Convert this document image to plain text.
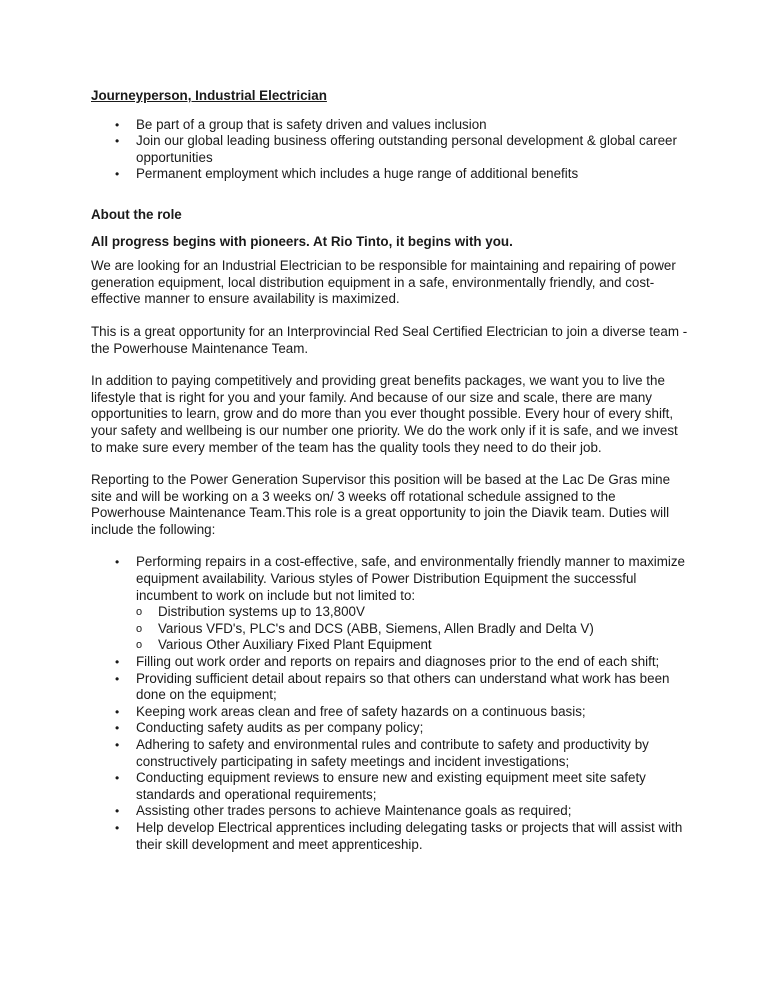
Journeyperson, Industrial Electrician
• Be part of a group that is safety driven and values inclusion
• Join our global leading business offering outstanding personal development & global career opportunities
• Permanent employment which includes a huge range of additional benefits
About the role
All progress begins with pioneers. At Rio Tinto, it begins with you.

We are looking for an Industrial Electrician to be responsible for maintaining and repairing of power generation equipment, local distribution equipment in a safe, environmentally friendly, and cost-effective manner to ensure availability is maximized.

This is a great opportunity for an Interprovincial Red Seal Certified Electrician to join a diverse team - the Powerhouse Maintenance Team.

In addition to paying competitively and providing great benefits packages, we want you to live the lifestyle that is right for you and your family. And because of our size and scale, there are many opportunities to learn, grow and do more than you ever thought possible. Every hour of every shift, your safety and wellbeing is our number one priority. We do the work only if it is safe, and we invest to make sure every member of the team has the quality tools they need to do their job.

Reporting to the Power Generation Supervisor this position will be based at the Lac De Gras mine site and will be working on a 3 weeks on/ 3 weeks off rotational schedule assigned to the Powerhouse Maintenance Team.This role is a great opportunity to join the Diavik team. Duties will include the following:

• Performing repairs in a cost-effective, safe, and environmentally friendly manner to maximize equipment availability. Various styles of Power Distribution Equipment the successful incumbent to work on include but not limited to:
o Distribution systems up to 13,800V
o Various VFD's, PLC's and DCS (ABB, Siemens, Allen Bradly and Delta V)
o Various Other Auxiliary Fixed Plant Equipment
• Filling out work order and reports on repairs and diagnoses prior to the end of each shift;
• Providing sufficient detail about repairs so that others can understand what work has been done on the equipment;
• Keeping work areas clean and free of safety hazards on a continuous basis;
• Conducting safety audits as per company policy;
• Adhering to safety and environmental rules and contribute to safety and productivity by constructively participating in safety meetings and incident investigations;
• Conducting equipment reviews to ensure new and existing equipment meet site safety standards and operational requirements;
• Assisting other trades persons to achieve Maintenance goals as required;
• Help develop Electrical apprentices including delegating tasks or projects that will assist with their skill development and meet apprenticeship.
